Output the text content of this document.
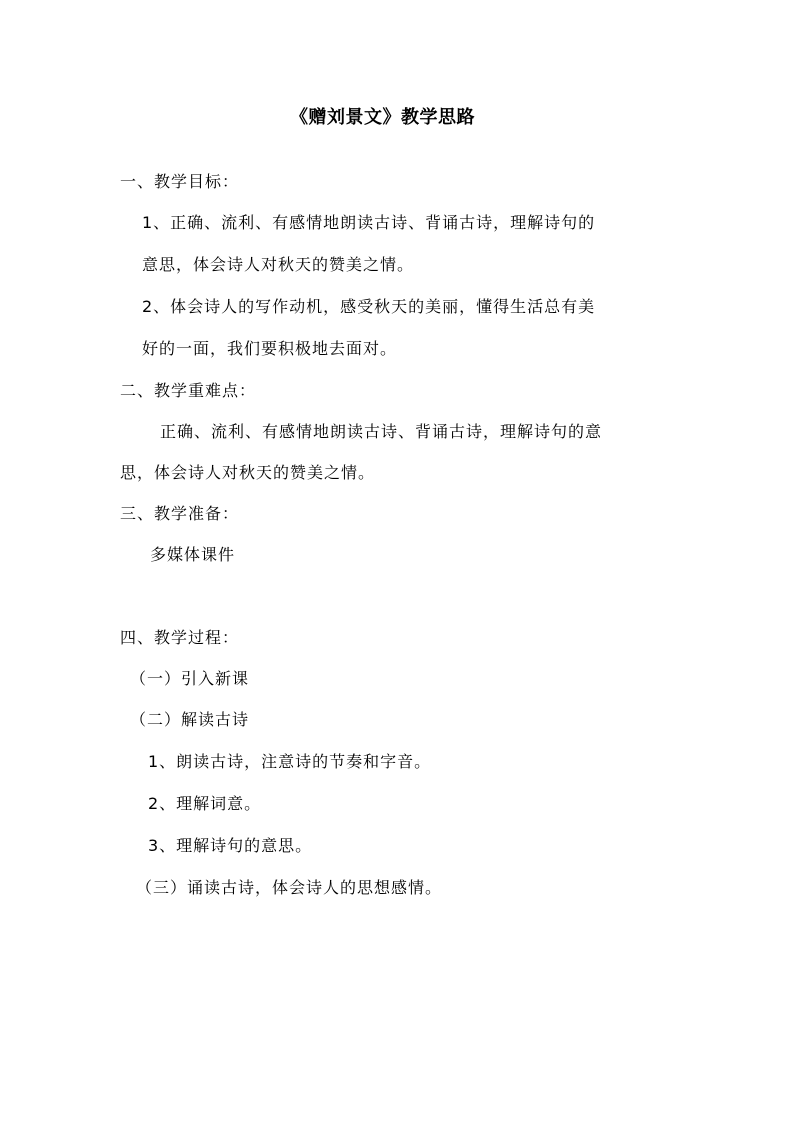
《赠刘景文》教学思路
一、教学目标：
1、正确、流利、有感情地朗读古诗、背诵古诗，理解诗句的
意思，体会诗人对秋天的赞美之情。
2、体会诗人的写作动机，感受秋天的美丽，懂得生活总有美
好的一面，我们要积极地去面对。
二、教学重难点：
正确、流利、有感情地朗读古诗、背诵古诗，理解诗句的意
思，体会诗人对秋天的赞美之情。
三、教学准备：
多媒体课件
四、教学过程：
（一）引入新课
（二）解读古诗
1、朗读古诗，注意诗的节奏和字音。
2、理解词意。
3、理解诗句的意思。
（三）诵读古诗，体会诗人的思想感情。
